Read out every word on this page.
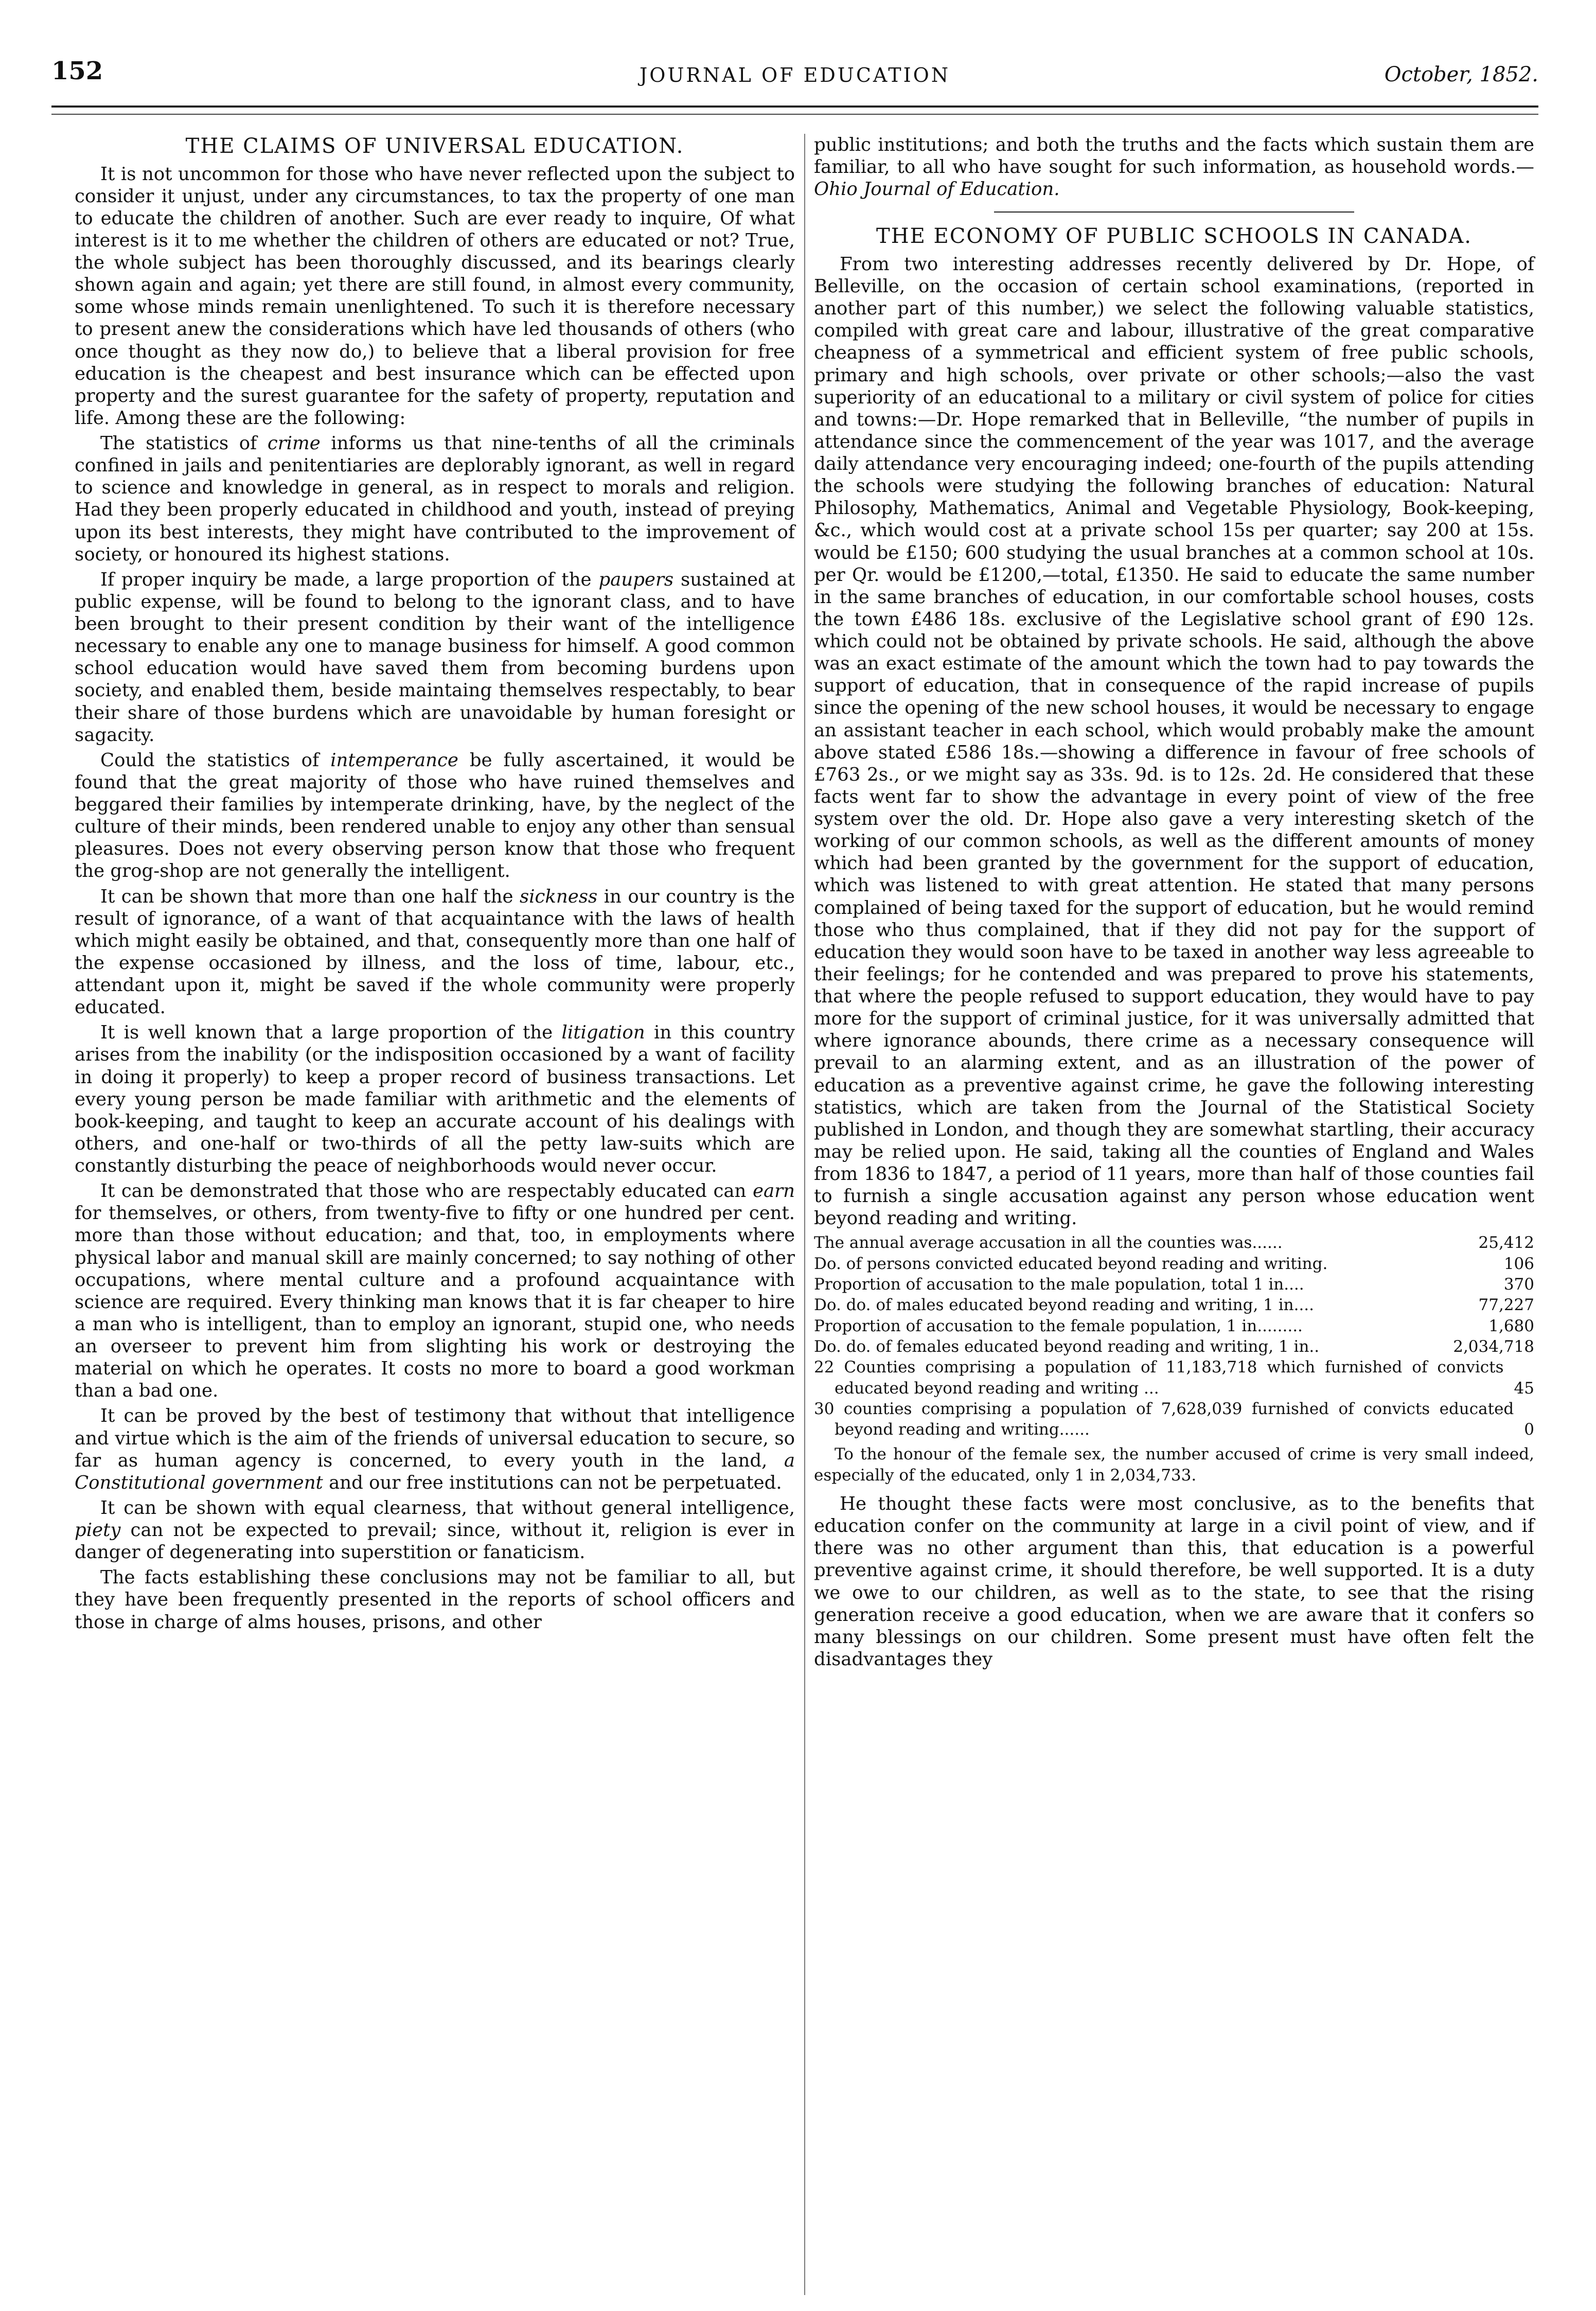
152	JOURNAL OF EDUCATION	October, 1852.
THE CLAIMS OF UNIVERSAL EDUCATION.

It is not uncommon for those who have never reflected upon the subject to consider it unjust, under any circumstances, to tax the property of one man to educate the children of another. Such are ever ready to inquire, Of what interest is it to me whether the children of others are educated or not? True, the whole subject has been thoroughly discussed, and its bearings clearly shown again and again; yet there are still found, in almost every community, some whose minds remain unenlightened. To such it is therefore necessary to present anew the considerations which have led thousands of others (who once thought as they now do,) to believe that a liberal provision for free education is the cheapest and best insurance which can be effected upon property and the surest guarantee for the safety of property, reputation and life. Among these are the following:

The statistics of crime informs us that nine-tenths of all the criminals confined in jails and penitentiaries are deplorably ignorant, as well in regard to science and knowledge in general, as in respect to morals and religion. Had they been properly educated in childhood and youth, instead of preying upon its best interests, they might have contributed to the improvement of society, or honoured its highest stations.

If proper inquiry be made, a large proportion of the paupers sustained at public expense, will be found to belong to the ignorant class, and to have been brought to their present condition by their want of the intelligence necessary to enable any one to manage business for himself. A good common school education would have saved them from becoming burdens upon society, and enabled them, beside maintaing themselves respectably, to bear their share of those burdens which are unavoidable by human foresight or sagacity.

Could the statistics of intemperance be fully ascertained, it would be found that the great majority of those who have ruined themselves and beggared their families by intemperate drinking, have, by the neglect of the culture of their minds, been rendered unable to enjoy any other than sensual pleasures. Does not every observing person know that those who frequent the grog-shop are not generally the intelligent.

It can be shown that more than one half the sickness in our country is the result of ignorance, of a want of that acquaintance with the laws of health which might easily be obtained, and that, consequently more than one half of the expense occasioned by illness, and the loss of time, labour, etc., attendant upon it, might be saved if the whole community were properly educated.

It is well known that a large proportion of the litigation in this country arises from the inability (or the indisposition occasioned by a want of facility in doing it properly) to keep a proper record of business transactions. Let every young person be made familiar with arithmetic and the elements of book-keeping, and taught to keep an accurate account of his dealings with others, and one-half or two-thirds of all the petty law-suits which are constantly disturbing the peace of neighborhoods would never occur.

It can be demonstrated that those who are respectably educated can earn for themselves, or others, from twenty-five to fifty or one hundred per cent. more than those without education; and that, too, in employments where physical labor and manual skill are mainly concerned; to say nothing of other occupations, where mental culture and a profound acquaintance with science are required. Every thinking man knows that it is far cheaper to hire a man who is intelligent, than to employ an ignorant, stupid one, who needs an overseer to prevent him from slighting his work or destroying the material on which he operates. It costs no more to board a good workman than a bad one.

It can be proved by the best of testimony that without that intelligence and virtue which is the aim of the friends of universal education to secure, so far as human agency is concerned, to every youth in the land, a Constitutional government and our free institutions can not be perpetuated.

It can be shown with equal clearness, that without general intelligence, piety can not be expected to prevail; since, without it, religion is ever in danger of degenerating into superstition or fanaticism.

The facts establishing these conclusions may not be familiar to all, but they have been frequently presented in the reports of school officers and those in charge of alms houses, prisons, and other

public institutions; and both the truths and the facts which sustain them are familiar, to all who have sought for such information, as household words.—Ohio Journal of Education.

THE ECONOMY OF PUBLIC SCHOOLS IN CANADA.

From two interesting addresses recently delivered by Dr. Hope, of Belleville, on the occasion of certain school examinations, (reported in another part of this number,) we select the following valuable statistics, compiled with great care and labour, illustrative of the great comparative cheapness of a symmetrical and efficient system of free public schools, primary and high schools, over private or other schools;—also the vast superiority of an educational to a military or civil system of police for cities and towns:—Dr. Hope remarked that in Belleville, “the number of pupils in attendance since the commencement of the year was 1017, and the average daily attendance very encouraging indeed; one-fourth of the pupils attending the schools were studying the following branches of education: Natural Philosophy, Mathematics, Animal and Vegetable Physiology, Book-keeping, &c., which would cost at a private school 15s per quarter; say 200 at 15s. would be £150; 600 studying the usual branches at a common school at 10s. per Qr. would be £1200,—total, £1350. He said to educate the same number in the same branches of education, in our comfortable school houses, costs the town £486 18s. exclusive of the Legislative school grant of £90 12s. which could not be obtained by private schools. He said, although the above was an exact estimate of the amount which the town had to pay towards the support of education, that in consequence of the rapid increase of pupils since the opening of the new school houses, it would be necessary to engage an assistant teacher in each school, which would probably make the amount above stated £586 18s.—showing a difference in favour of free schools of £763 2s., or we might say as 33s. 9d. is to 12s. 2d. He considered that these facts went far to show the advantage in every point of view of the free system over the old. Dr. Hope also gave a very interesting sketch of the working of our common schools, as well as the different amounts of money which had been granted by the government for the support of education, which was listened to with great attention. He stated that many persons complained of being taxed for the support of education, but he would remind those who thus complained, that if they did not pay for the support of education they would soon have to be taxed in another way less agreeable to their feelings; for he contended and was prepared to prove his statements, that where the people refused to support education, they would have to pay more for the support of criminal justice, for it was universally admitted that where ignorance abounds, there crime as a necessary consequence will prevail to an alarming extent, and as an illustration of the power of education as a preventive against crime, he gave the following interesting statistics, which are taken from the Journal of the Statistical Society published in London, and though they are somewhat startling, their accuracy may be relied upon. He said, taking all the counties of England and Wales from 1836 to 1847, a period of 11 years, more than half of those counties fail to furnish a single accusation against any person whose education went beyond reading and writing.

The annual average accusation in all the counties was......	25,412
Do. of persons convicted educated beyond reading and writing.	106
Proportion of accusation to the male population, total 1 in....	370
Do. do. of males educated beyond reading and writing, 1 in....	77,227
Proportion of accusation to the female population, 1 in.........	1,680
Do. do. of females educated beyond reading and writing, 1 in..	2,034,718
22 Counties comprising a population of 11,183,718 which furnished of convicts educated beyond reading and writing ...	45
30 counties comprising a population of 7,628,039 furnished of convicts educated beyond reading and writing......	0

To the honour of the female sex, the number accused of crime is very small indeed, especially of the educated, only 1 in 2,034,733.

He thought these facts were most conclusive, as to the benefits that education confer on the community at large in a civil point of view, and if there was no other argument than this, that education is a powerful preventive against crime, it should therefore, be well supported. It is a duty we owe to our children, as well as to the state, to see that the rising generation receive a good education, when we are aware that it confers so many blessings on our children. Some present must have often felt the disadvantages they
